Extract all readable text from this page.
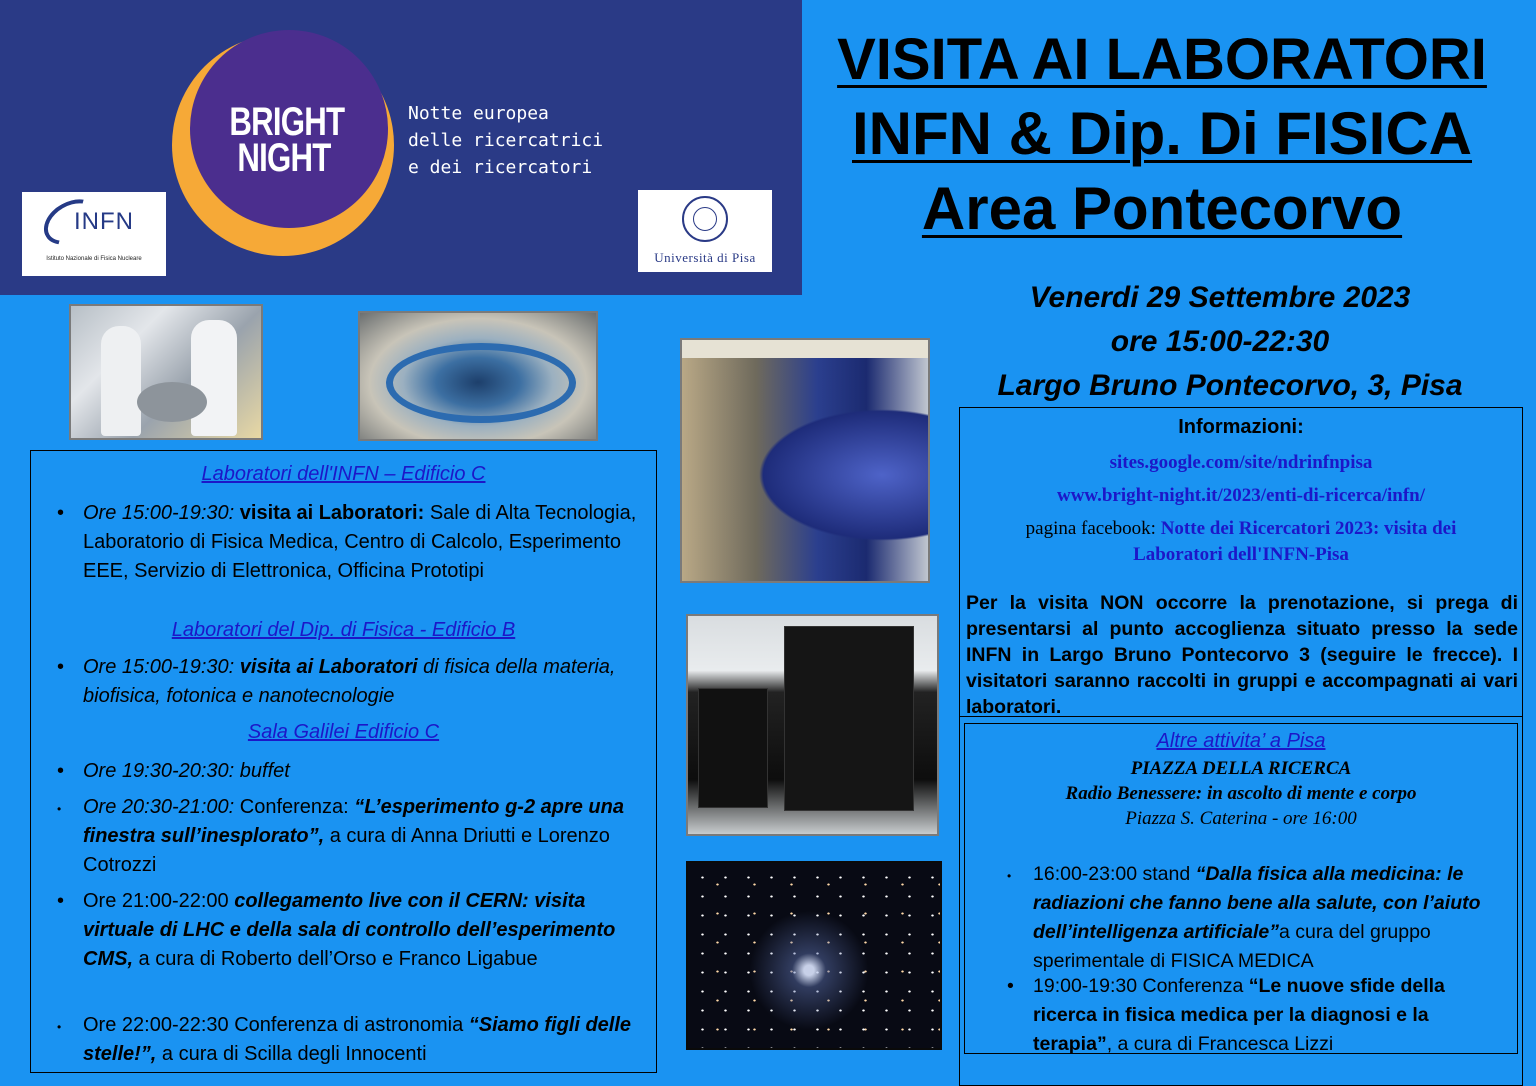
BRIGHT
NIGHT
Notte europea
delle ricercatrici
e dei ricercatori
INFN
Istituto Nazionale di Fisica Nucleare	Università di Pisa
VISITA AI LABORATORI
INFN & Dip. Di FISICA
Area Pontecorvo
Venerdi 29 Settembre 2023
ore 15:00-22:30
Largo Bruno Pontecorvo, 3, Pisa
Laboratori dell'INFN – Edificio C
• Ore 15:00-19:30: visita ai Laboratori: Sale di Alta Tecnologia, Laboratorio di Fisica Medica, Centro di Calcolo, Esperimento EEE, Servizio di Elettronica, Officina Prototipi
Laboratori del Dip. di Fisica - Edificio B
• Ore 15:00-19:30: visita ai Laboratori di fisica della materia, biofisica, fotonica e nanotecnologie
Sala Galilei Edificio C
• Ore 19:30-20:30: buffet
• Ore 20:30-21:00: Conferenza: “L’esperimento g-2 apre una finestra sull’inesplorato”, a cura di Anna Driutti e Lorenzo Cotrozzi
• Ore 21:00-22:00 collegamento live con il CERN: visita virtuale di LHC e della sala di controllo dell’esperimento CMS, a cura di Roberto dell’Orso e Franco Ligabue
• Ore 22:00-22:30 Conferenza di astronomia “Siamo figli delle stelle!”, a cura di Scilla degli Innocenti
Informazioni:
sites.google.com/site/ndrinfnpisa
www.bright-night.it/2023/enti-di-ricerca/infn/
pagina facebook: Notte dei Ricercatori 2023: visita dei Laboratori dell'INFN-Pisa
Per la visita NON occorre la prenotazione, si prega di presentarsi al punto accoglienza situato presso la sede INFN in Largo Bruno Pontecorvo 3 (seguire le frecce). I visitatori saranno raccolti in gruppi e accompagnati ai vari laboratori.
Altre attivita’ a Pisa
PIAZZA DELLA RICERCA
Radio Benessere: in ascolto di mente e corpo
Piazza S. Caterina - ore 16:00
• 16:00-23:00 stand “Dalla fisica alla medicina: le radiazioni che fanno bene alla salute, con l’aiuto dell’intelligenza artificiale”a cura del gruppo sperimentale di FISICA MEDICA
• 19:00-19:30 Conferenza “Le nuove sfide della ricerca in fisica medica per la diagnosi e la terapia”, a cura di Francesca Lizzi
